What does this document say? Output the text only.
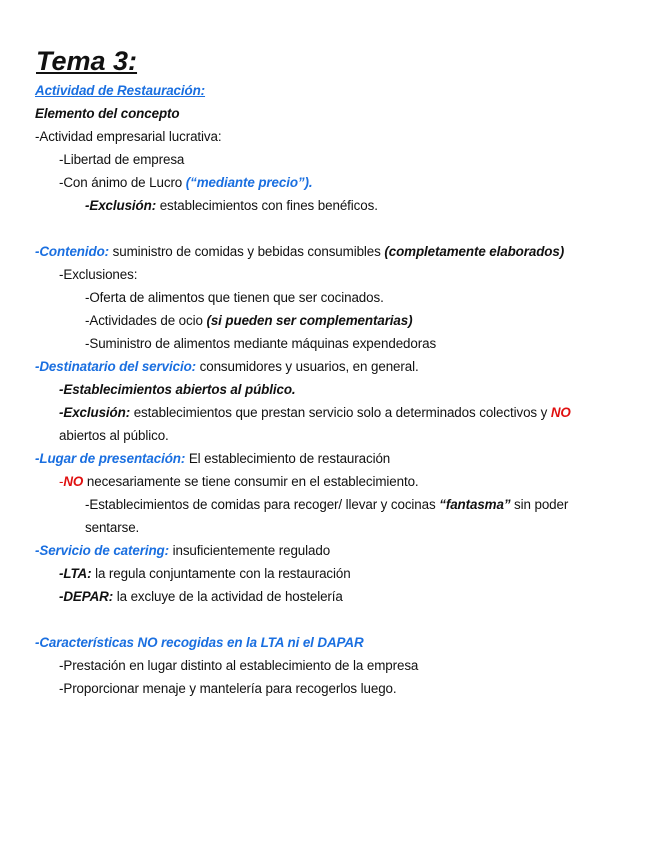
Tema 3:
Actividad de Restauración:
Elemento del concepto
-Actividad empresarial lucrativa:
-Libertad de empresa
-Con ánimo de Lucro (“mediante precio”).
-Exclusión: establecimientos con fines benéficos.
-Contenido: suministro de comidas y bebidas consumibles (completamente elaborados)
-Exclusiones:
-Oferta de alimentos que tienen que ser cocinados.
-Actividades de ocio (si pueden ser complementarias)
-Suministro de alimentos mediante máquinas expendedoras
-Destinatario del servicio: consumidores y usuarios, en general.
-Establecimientos abiertos al público.
-Exclusión: establecimientos que prestan servicio solo a determinados colectivos y NO
abiertos al público.
-Lugar de presentación: El establecimiento de restauración
-NO necesariamente se tiene consumir en el establecimiento.
-Establecimientos de comidas para recoger/ llevar y cocinas “fantasma” sin poder
sentarse.
-Servicio de catering: insuficientemente regulado
-LTA: la regula conjuntamente con la restauración
-DEPAR: la excluye de la actividad de hostelería
-Características NO recogidas en la LTA ni el DAPAR
-Prestación en lugar distinto al establecimiento de la empresa
-Proporcionar menaje y mantelería para recogerlos luego.
